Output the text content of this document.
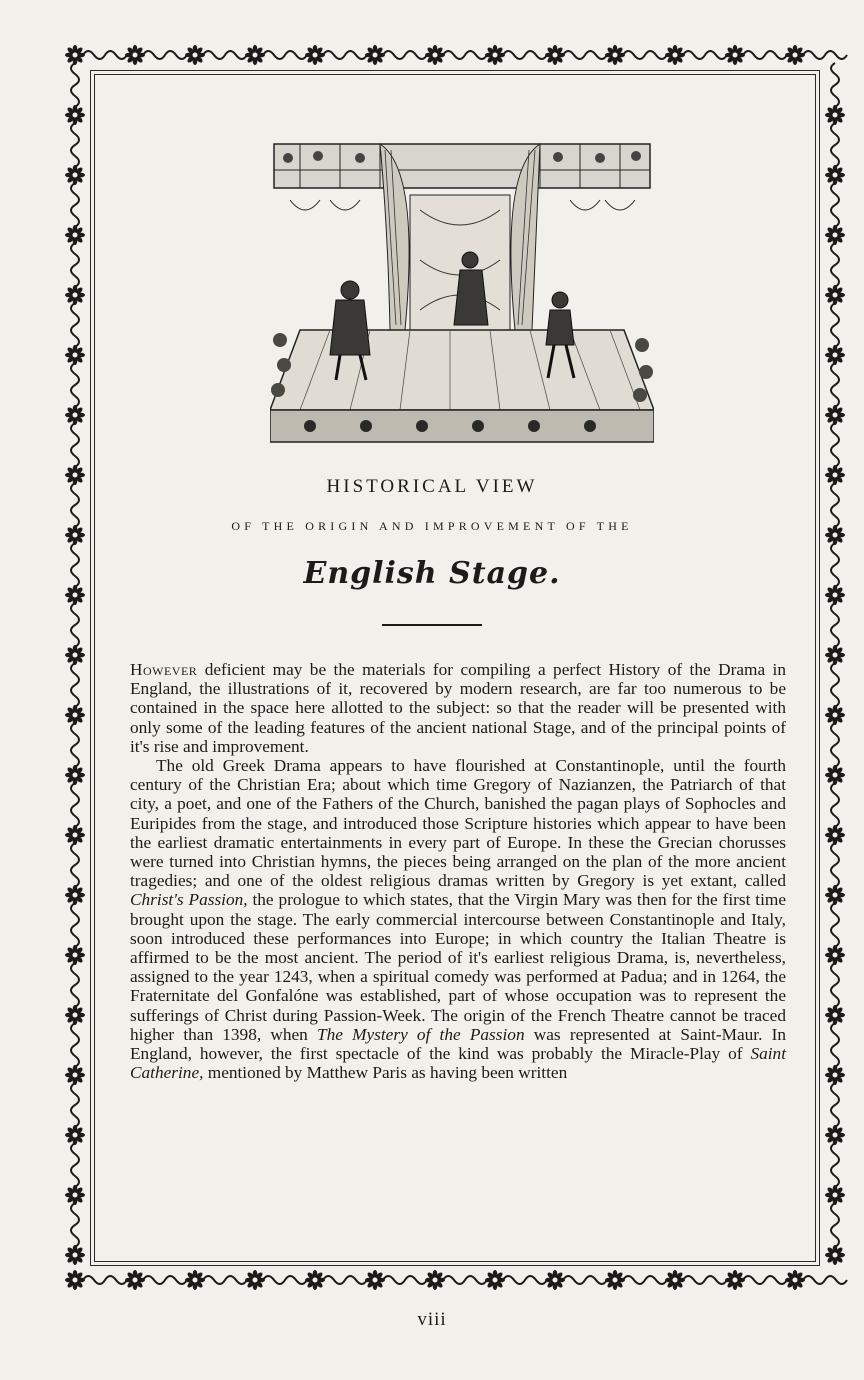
HISTORICAL VIEW
OF THE ORIGIN AND IMPROVEMENT OF THE
English Stage.

However deficient may be the materials for compiling a perfect History of the Drama in England, the illustrations of it, recovered by modern research, are far too numerous to be contained in the space here allotted to the subject: so that the reader will be presented with only some of the leading features of the ancient national Stage, and of the principal points of it's rise and improvement.

The old Greek Drama appears to have flourished at Constantinople, until the fourth century of the Christian Era; about which time Gregory of Nazianzen, the Patriarch of that city, a poet, and one of the Fathers of the Church, banished the pagan plays of Sophocles and Euripides from the stage, and introduced those Scripture histories which appear to have been the earliest dramatic entertainments in every part of Europe. In these the Grecian chorusses were turned into Christian hymns, the pieces being arranged on the plan of the more ancient tragedies; and one of the oldest religious dramas written by Gregory is yet extant, called Christ's Passion, the prologue to which states, that the Virgin Mary was then for the first time brought upon the stage. The early commercial intercourse between Constantinople and Italy, soon introduced these performances into Europe; in which country the Italian Theatre is affirmed to be the most ancient. The period of it's earliest religious Drama, is, nevertheless, assigned to the year 1243, when a spiritual comedy was performed at Padua; and in 1264, the Fraternitate del Gonfalóne was established, part of whose occupation was to represent the sufferings of Christ during Passion-Week. The origin of the French Theatre cannot be traced higher than 1398, when The Mystery of the Passion was represented at Saint-Maur. In England, however, the first spectacle of the kind was probably the Miracle-Play of Saint Catherine, mentioned by Matthew Paris as having been written

viii
